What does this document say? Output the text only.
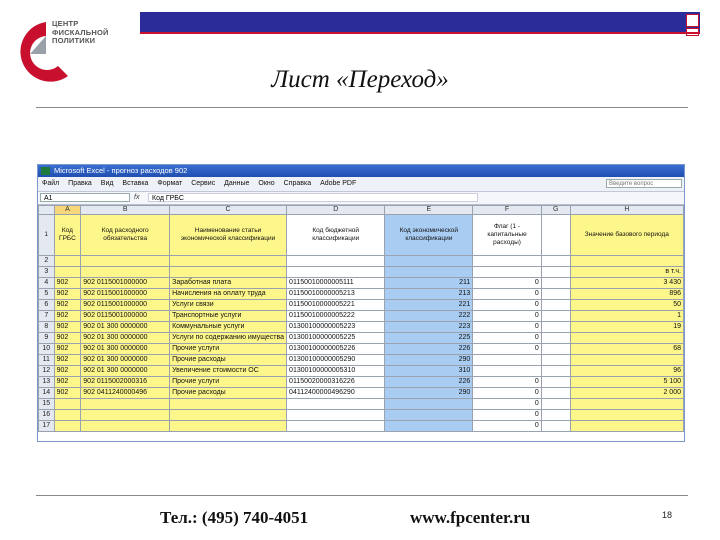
ЦЕНТР
ФИСКАЛЬНОЙ
ПОЛИТИКИ
Лист «Переход»
Microsoft Excel - прогноз расходов 902
Файл Правка Вид Вставка Формат Сервис Данные Окно Справка Adobe PDF	Введите вопрос
A1	fx	Код ГРБС
	A	B	C	D	E	F	G	H
1	Код ГРБС	Код расходного обязательства	Наименование статьи экономической классификации	Код бюджетной классификации	Код экономической классификации	Флаг (1 - капитальные расходы)		Значение базового периода
2								
3								в т.ч.
4	902	902 0115001000000	Заработная плата	01150010000005111	211	0		3 430
5	902	902 0115001000000	Начисления на оплату труда	01150010000005213	213	0		896
6	902	902 0115001000000	Услуги связи	01150010000005221	221	0		50
7	902	902 0115001000000	Транспортные услуги	01150010000005222	222	0		1
8	902	902 01 300 0000000	Коммунальные услуги	01300100000005223	223	0		19
9	902	902 01 300 0000000	Услуги по содержанию имущества	01300100000005225	225	0		
10	902	902 01 300 0000000	Прочие услуги	01300100000005226	226	0		68
11	902	902 01 300 0000000	Прочие расходы	01300100000005290	290			
12	902	902 01 300 0000000	Увеличение стоимости ОС	01300100000005310	310			96
13	902	902 0115002000316	Прочие услуги	01150020000316226	226	0		5 100
14	902	902 0411240000496	Прочие расходы	04112400000496290	290	0		2 000
15						0		
16						0		
17						0		
Тел.: (495) 740-4051	www.fpcenter.ru	18
